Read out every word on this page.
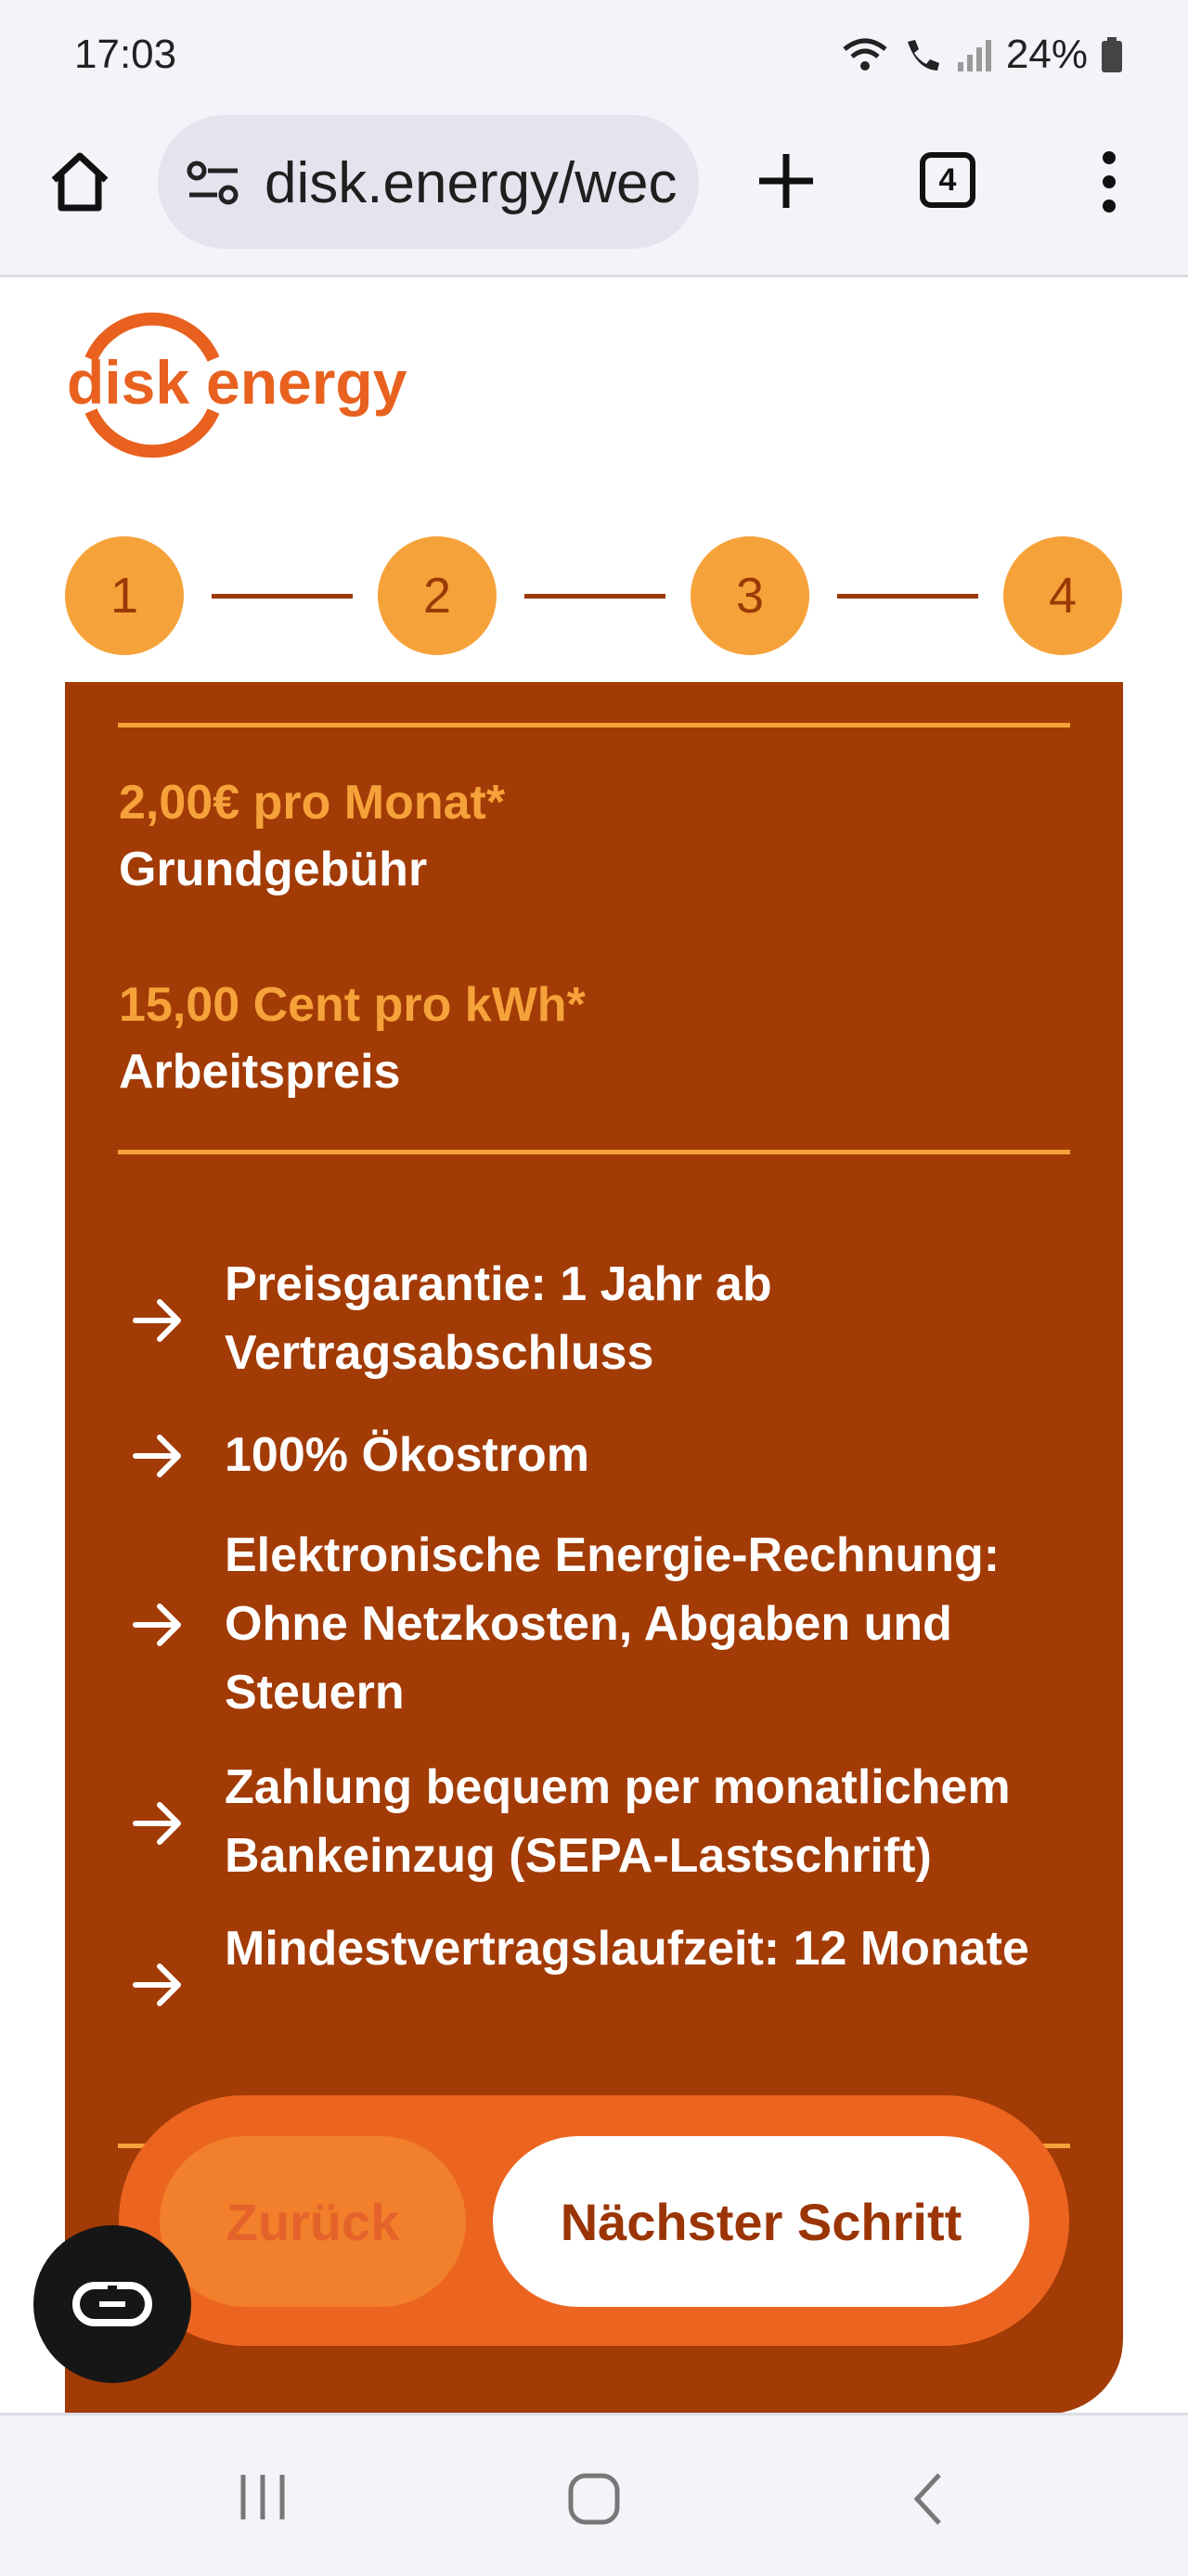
17:03	24%
disk.energy/wec	4
disk energy
1	2	3	4
2,00€ pro Monat*
Grundgebühr
15,00 Cent pro kWh*
Arbeitspreis
Preisgarantie: 1 Jahr ab Vertragsabschluss
100% Ökostrom
Elektronische Energie-Rechnung: Ohne Netzkosten, Abgaben und Steuern
Zahlung bequem per monatlichem Bankeinzug (SEPA-Lastschrift)
Mindestvertragslaufzeit: 12 Monate
Zurück	Nächster Schritt
